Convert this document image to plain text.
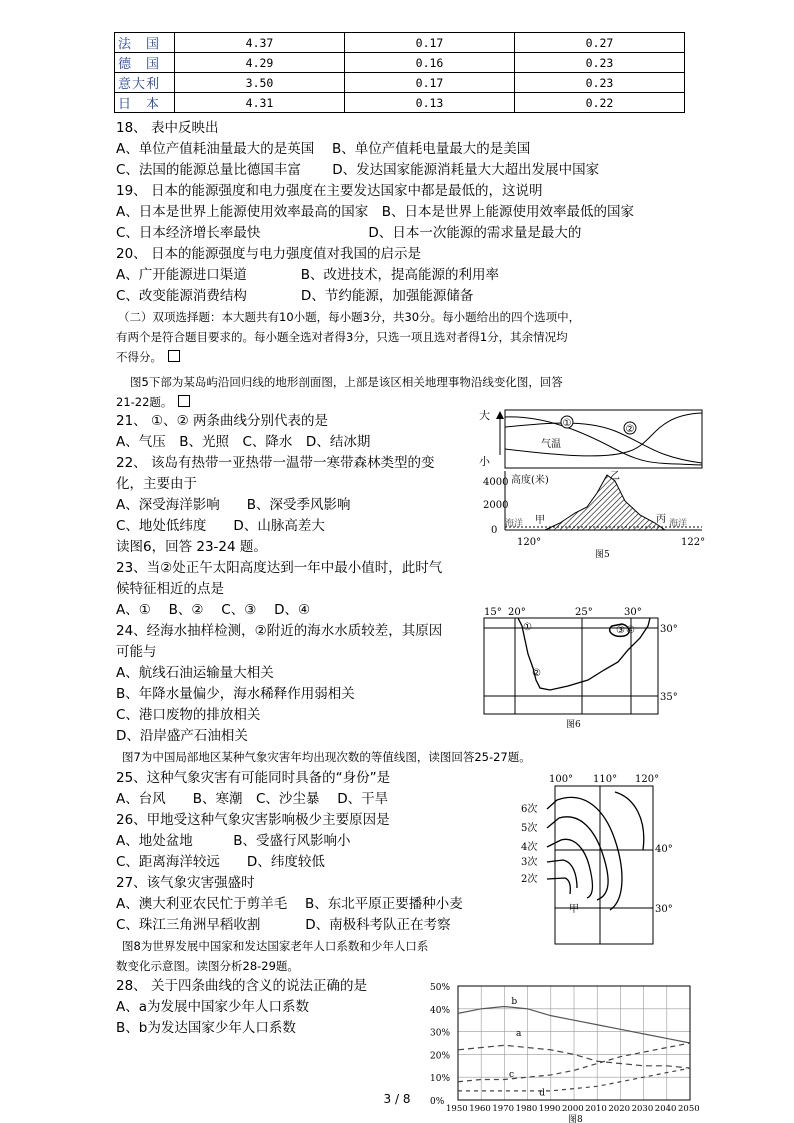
法　国	4.37	0.17	0.27
德　国	4.29	0.16	0.23
意大利	3.50	0.17	0.23
日　本	4.31	0.13	0.22
18、 表中反映出
A、单位产值耗油量最大的是英国　 B、单位产值耗电量最大的是美国
C、法国的能源总量比德国丰富　　 D、发达国家能源消耗量大大超出发展中国家
19、 日本的能源强度和电力强度在主要发达国家中都是最低的，这说明
A、日本是世界上能源使用效率最高的国家　B、日本是世界上能源使用效率最低的国家
C、日本经济增长率最快　　　　　　　　D、日本一次能源的需求量是最大的
20、 日本的能源强度与电力强度值对我国的启示是
A、广开能源进口渠道　　　　B、改进技术，提高能源的利用率
C、改变能源消费结构　　　　D、节约能源，加强能源储备
（二）双项选择题：本大题共有10小题，每小题3分，共30分。每小题给出的四个选项中，
有两个是符合题目要求的。每小题全选对者得3分，只选一项且选对者得1分，其余情况均
不得分。
图5下部为某岛屿沿回归线的地形剖面图，上部是该区相关地理事物沿线变化图，回答
21-22题。
21、 ①、② 两条曲线分别代表的是
A、气压　B、光照　C、降水　D、结冰期
22、 该岛有热带一亚热带一温带一寒带森林类型的变
化，主要由于
A、深受海洋影响　　B、深受季风影响
C、地处低纬度　　D、山脉高差大
读图6，回答 23-24 题。
23、当②处正午太阳高度达到一年中最小值时，此时气
候特征相近的点是
A、①　 B、②　 C、③　 D、④
24、经海水抽样检测，②附近的海水水质较差，其原因
可能与
A、航线石油运输量大相关
B、年降水量偏少，海水稀释作用弱相关
C、港口废物的排放相关
D、沿岸盛产石油相关
图7为中国局部地区某种气象灾害年均出现次数的等值线图，读图回答25-27题。
25、这种气象灾害有可能同时具备的“身份”是
A、台风　　B、寒潮　C、沙尘暴　 D、干旱
26、甲地受这种气象灾害影响极少主要原因是
A、地处盆地　　　B、受盛行风影响小
C、距离海洋较远　　D、纬度较低
27、该气象灾害强盛时
A、澳大利亚农民忙于剪羊毛　 B、东北平原正要播种小麦
C、珠江三角洲早稻收割　　　 D、南极科考队正在考察
图8为世界发展中国家和发达国家老年人口系数和少年人口系
数变化示意图。读图分析28-29题。
28、 关于四条曲线的含义的说法正确的是
A、a为发展中国家少年人口系数
B、b为发达国家少年人口系数
大
小
①
②
气温
4000
2000
0
高度(米)
海洋	海洋
甲
乙
丙
120°	122°
图5
15° 20°	25°	30°
30°
35°
①
②
③ ④
图6
100° 110° 120°
40°
30°
6次
5次
4次
3次
2次
甲
50%
40%
30%
20%
10%
0%
1950 1960 1970 1980 1990 2000 2010 2020 2030 2040 2050
图8
a
b
c
d
3 / 8
